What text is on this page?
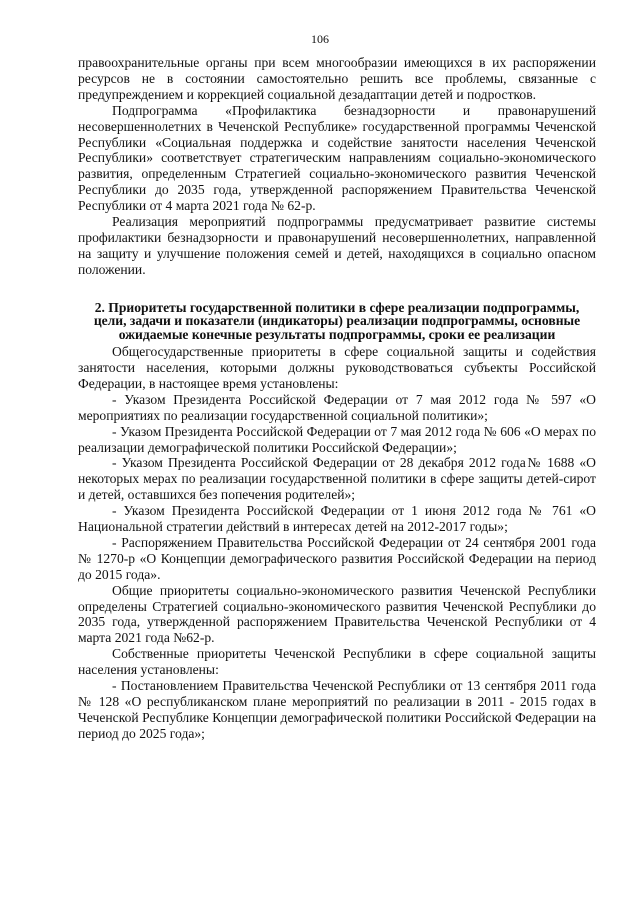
106

правоохранительные органы при всем многообразии имеющихся в их распоряжении ресурсов не в состоянии самостоятельно решить все проблемы, связанные с предупреждением и коррекцией социальной дезадаптации детей и подростков.

Подпрограмма «Профилактика безнадзорности и правонарушений несовершеннолетних в Чеченской Республике» государственной программы Чеченской Республики «Социальная поддержка и содействие занятости населения Чеченской Республики» соответствует стратегическим направлениям социально-экономического развития, определенным Стратегией социально-экономического развития Чеченской Республики до 2035 года, утвержденной распоряжением Правительства Чеченской Республики от 4 марта 2021 года № 62-р.

Реализация мероприятий подпрограммы предусматривает развитие системы профилактики безнадзорности и правонарушений несовершеннолетних, направленной на защиту и улучшение положения семей и детей, находящихся в социально опасном положении.

2. Приоритеты государственной политики в сфере реализации подпрограммы, цели, задачи и показатели (индикаторы) реализации подпрограммы, основные ожидаемые конечные результаты подпрограммы, сроки ее реализации

Общегосударственные приоритеты в сфере социальной защиты и содействия занятости населения, которыми должны руководствоваться субъекты Российской Федерации, в настоящее время установлены:

- Указом Президента Российской Федерации от 7 мая 2012 года № 597 «О мероприятиях по реализации государственной социальной политики»;

- Указом Президента Российской Федерации от 7 мая 2012 года № 606 «О мерах по реализации демографической политики Российской Федерации»;

- Указом Президента Российской Федерации от 28 декабря 2012 года№ 1688 «О некоторых мерах по реализации государственной политики в сфере защиты детей-сирот и детей, оставшихся без попечения родителей»;

- Указом Президента Российской Федерации от 1 июня 2012 года № 761 «О Национальной стратегии действий в интересах детей на 2012-2017 годы»;

- Распоряжением Правительства Российской Федерации от 24 сентября 2001 года № 1270-р «О Концепции демографического развития Российской Федерации на период до 2015 года».

Общие приоритеты социально-экономического развития Чеченской Республики определены Стратегией социально-экономического развития Чеченской Республики до 2035 года, утвержденной распоряжением Правительства Чеченской Республики от 4 марта 2021 года №62-р.

Собственные приоритеты Чеченской Республики в сфере социальной защиты населения установлены:

- Постановлением Правительства Чеченской Республики от 13 сентября 2011 года № 128 «О республиканском плане мероприятий по реализации в 2011 - 2015 годах в Чеченской Республике Концепции демографической политики Российской Федерации на период до 2025 года»;
